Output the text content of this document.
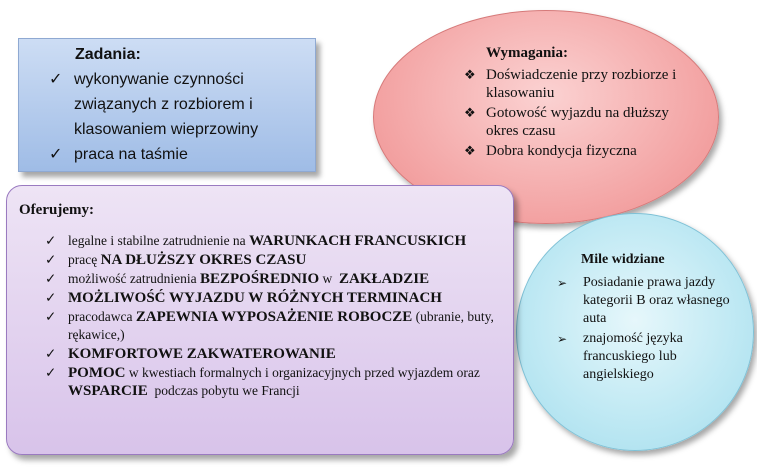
Wymagania:
❖ Doświadczenie przy rozbiorze i klasowaniu
❖ Gotowość wyjazdu na dłuższy okres czasu
❖ Dobra kondycja fizyczna
Zadania:
✓ wykonywanie czynności związanych z rozbiorem i klasowaniem wieprzowiny
✓ praca na taśmie
Mile widziane
➢ Posiadanie prawa jazdy kategorii B oraz własnego auta
➢ znajomość języka francuskiego lub angielskiego
Oferujemy:
✓ legalne i stabilne zatrudnienie na WARUNKACH FRANCUSKICH
✓ pracę NA DŁUŻSZY OKRES CZASU
✓ możliwość zatrudnienia BEZPOŚREDNIO w  ZAKŁADZIE
✓ MOŻLIWOŚĆ WYJAZDU W RÓŻNYCH TERMINACH
✓ pracodawca ZAPEWNIA WYPOSAŻENIE ROBOCZE (ubranie, buty, rękawice,)
✓ KOMFORTOWE ZAKWATEROWANIE
✓ POMOC w kwestiach formalnych i organizacyjnych przed wyjazdem oraz WSPARCIE  podczas pobytu we Francji
